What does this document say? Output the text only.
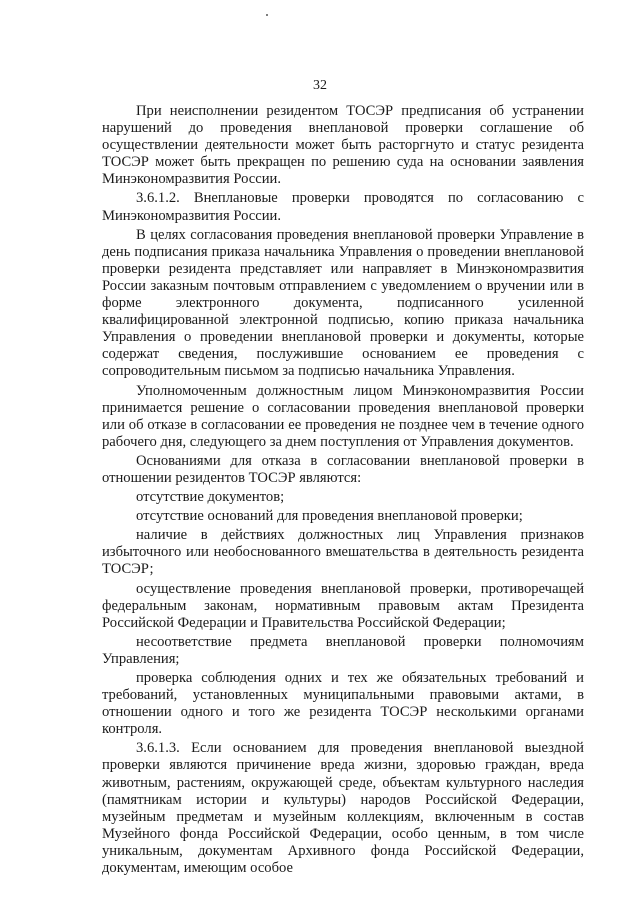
32

При неисполнении резидентом ТОСЭР предписания об устранении нарушений до проведения внеплановой проверки соглашение об осуществлении деятельности может быть расторгнуто и статус резидента ТОСЭР может быть прекращен по решению суда на основании заявления Минэкономразвития России.

3.6.1.2. Внеплановые проверки проводятся по согласованию с Минэкономразвития России.

В целях согласования проведения внеплановой проверки Управление в день подписания приказа начальника Управления о проведении внеплановой проверки резидента представляет или направляет в Минэкономразвития России заказным почтовым отправлением с уведомлением о вручении или в форме электронного документа, подписанного усиленной квалифицированной электронной подписью, копию приказа начальника Управления о проведении внеплановой проверки и документы, которые содержат сведения, послужившие основанием ее проведения с сопроводительным письмом за подписью начальника Управления.

Уполномоченным должностным лицом Минэкономразвития России принимается решение о согласовании проведения внеплановой проверки или об отказе в согласовании ее проведения не позднее чем в течение одного рабочего дня, следующего за днем поступления от Управления документов.

Основаниями для отказа в согласовании внеплановой проверки в отношении резидентов ТОСЭР являются:

отсутствие документов;

отсутствие оснований для проведения внеплановой проверки;

наличие в действиях должностных лиц Управления признаков избыточного или необоснованного вмешательства в деятельность резидента ТОСЭР;

осуществление проведения внеплановой проверки, противоречащей федеральным законам, нормативным правовым актам Президента Российской Федерации и Правительства Российской Федерации;

несоответствие предмета внеплановой проверки полномочиям Управления;

проверка соблюдения одних и тех же обязательных требований и требований, установленных муниципальными правовыми актами, в отношении одного и того же резидента ТОСЭР несколькими органами контроля.

3.6.1.3. Если основанием для проведения внеплановой выездной проверки являются причинение вреда жизни, здоровью граждан, вреда животным, растениям, окружающей среде, объектам культурного наследия (памятникам истории и культуры) народов Российской Федерации, музейным предметам и музейным коллекциям, включенным в состав Музейного фонда Российской Федерации, особо ценным, в том числе уникальным, документам Архивного фонда Российской Федерации, документам, имеющим особое
